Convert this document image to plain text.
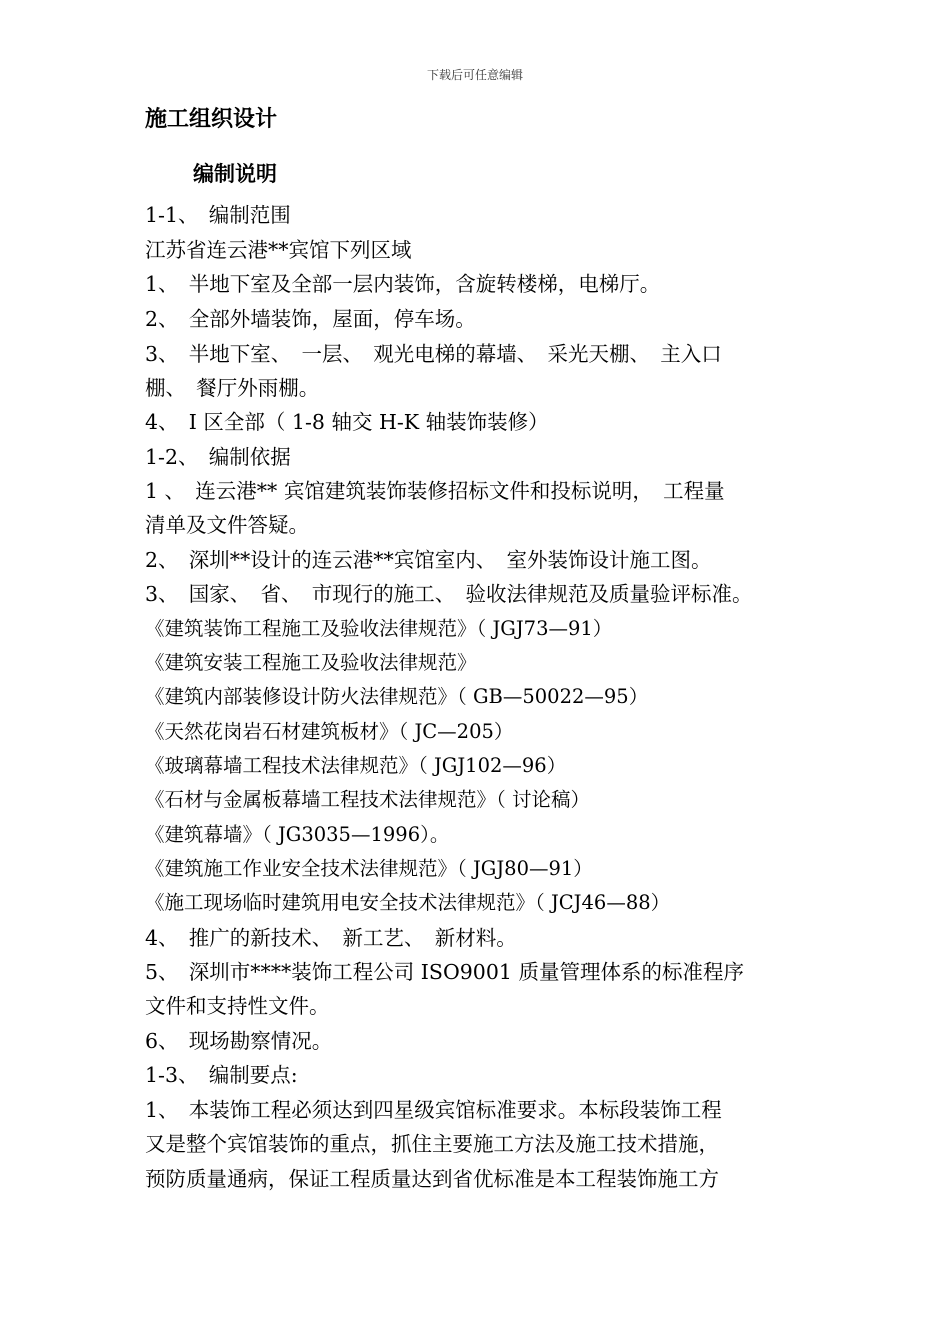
下载后可任意编辑
施工组织设计
编制说明
1-1、　编制范围
江苏省连云港**宾馆下列区域
1、　半地下室及全部一层内装饰，含旋转楼梯，电梯厅。
2、　全部外墙装饰，屋面，停车场。
3、　半地下室、　一层、　观光电梯的幕墙、　采光天棚、　主入口
棚、　餐厅外雨棚。
4、　I 区全部（ 1-8 轴交 H-K 轴装饰装修）
1-2、　编制依据
1 、　连云港** 宾馆建筑装饰装修招标文件和投标说明，　工程量
清单及文件答疑。
2、　深圳**设计的连云港**宾馆室内、　室外装饰设计施工图。
3、　国家、　省、　市现行的施工、　验收法律规范及质量验评标准。
《建筑装饰工程施工及验收法律规范》（ JGJ73—91）
《建筑安装工程施工及验收法律规范》
《建筑内部装修设计防火法律规范》（ GB—50022—95）
《天然花岗岩石材建筑板材》（ JC—205）
《玻璃幕墙工程技术法律规范》（ JGJ102—96）
《石材与金属板幕墙工程技术法律规范》（ 讨论稿）
《建筑幕墙》（ JG3035—1996）。
《建筑施工作业安全技术法律规范》（ JGJ80—91）
《施工现场临时建筑用电安全技术法律规范》（ JCJ46—88）
4、　推广的新技术、　新工艺、　新材料。
5、　深圳市****装饰工程公司 ISO9001 质量管理体系的标准程序
文件和支持性文件。
6、　现场勘察情况。
1-3、　编制要点:
1、　本装饰工程必须达到四星级宾馆标准要求。本标段装饰工程
又是整个宾馆装饰的重点，抓住主要施工方法及施工技术措施，
预防质量通病，保证工程质量达到省优标准是本工程装饰施工方
